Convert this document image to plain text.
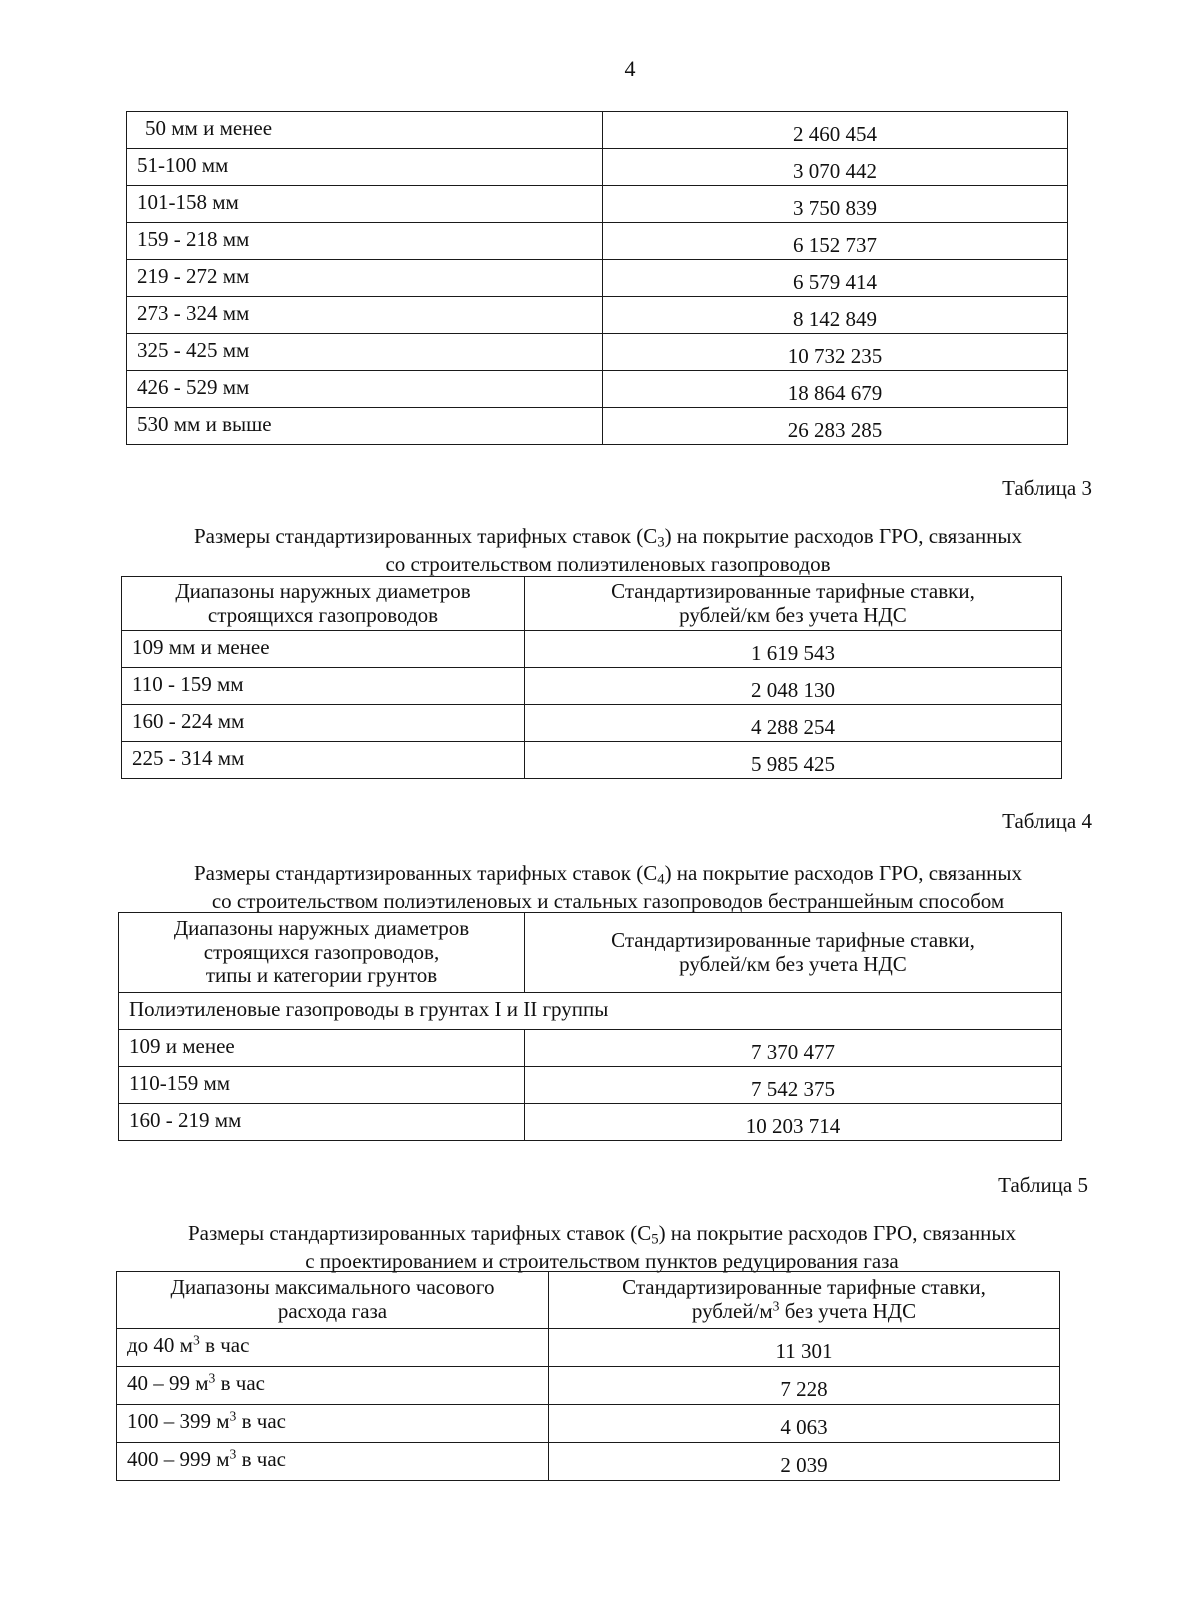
4
50 мм и менее	2 460 454
51-100 мм	3 070 442
101-158 мм	3 750 839
159 - 218 мм	6 152 737
219 - 272 мм	6 579 414
273 - 324 мм	8 142 849
325 - 425 мм	10 732 235
426 - 529 мм	18 864 679
530 мм и выше	26 283 285
Таблица 3
Размеры стандартизированных тарифных ставок $(С_3)$ на покрытие расходов ГРО, связанных
со строительством полиэтиленовых газопроводов
Диапазоны наружных диаметров строящихся газопроводов	Стандартизированные тарифные ставки, рублей/км без учета НДС
109 мм и менее	1 619 543
110 - 159 мм	2 048 130
160 - 224 мм	4 288 254
225 - 314 мм	5 985 425
Таблица 4
Размеры стандартизированных тарифных ставок $(С_4)$ на покрытие расходов ГРО, связанных
со строительством полиэтиленовых и стальных газопроводов бестраншейным способом
Диапазоны наружных диаметров
строящихся газопроводов,
типы и категории грунтов	Стандартизированные тарифные ставки, рублей/км без учета НДС
Полиэтиленовые газопроводы в грунтах I и II группы	
109 и менее	7 370 477
110-159 мм	7 542 375
160 - 219 мм	10 203 714
Таблица 5
Размеры стандартизированных тарифных ставок $(С_5)$ на покрытие расходов ГРО, связанных
с проектированием и строительством пунктов редуцирования газа
Диапазоны максимального часового расхода газа	Стандартизированные тарифные ставки, рублей/$м^3$ без учета НДС
до 40 $м^3$ в час	11 301
40 – 99 $м^3$ в час	7 228
100 – 399 $м^3$ в час	4 063
400 – 999 $м^3$ в час	2 039
